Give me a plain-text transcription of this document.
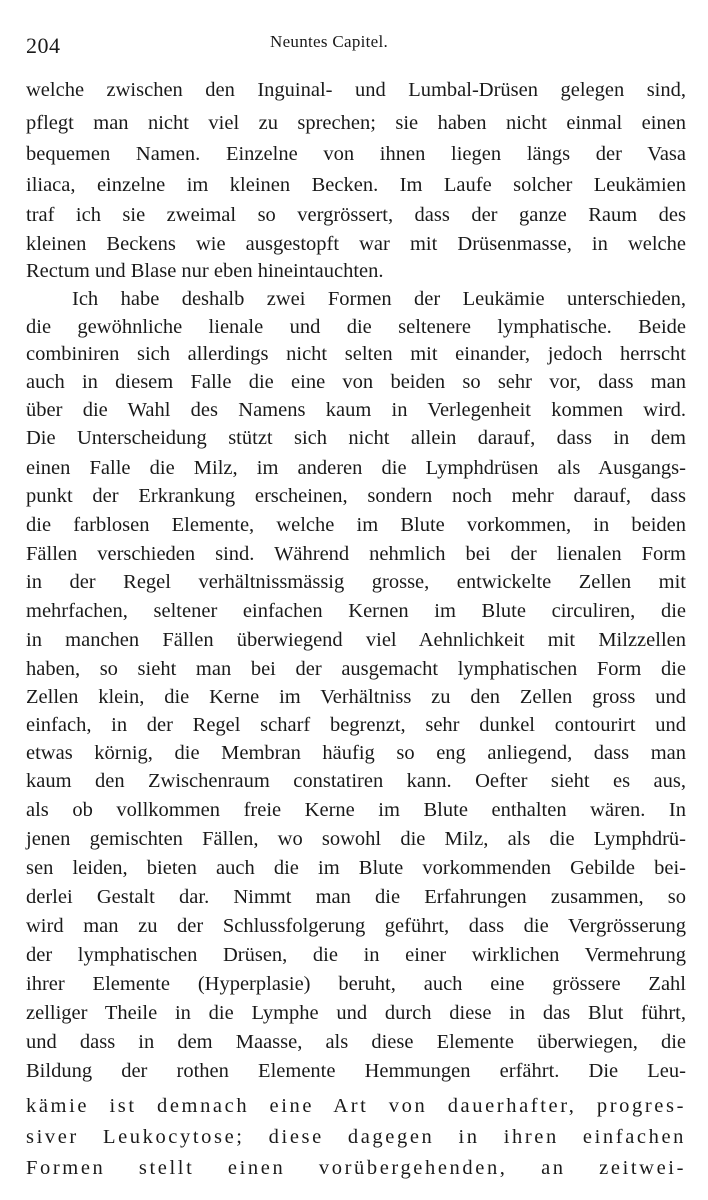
204	Neuntes Capitel.
welche zwischen den Inguinal- und Lumbal-Drüsen gelegen sind,
pflegt man nicht viel zu sprechen; sie haben nicht einmal einen
bequemen Namen. Einzelne von ihnen liegen längs der Vasa
iliaca, einzelne im kleinen Becken. Im Laufe solcher Leukämien
traf ich sie zweimal so vergrössert, dass der ganze Raum des
kleinen Beckens wie ausgestopft war mit Drüsenmasse, in welche
Rectum und Blase nur eben hineintauchten.
Ich habe deshalb zwei Formen der Leukämie unterschieden,
die gewöhnliche lienale und die seltenere lymphatische. Beide
combiniren sich allerdings nicht selten mit einander, jedoch herrscht
auch in diesem Falle die eine von beiden so sehr vor, dass man
über die Wahl des Namens kaum in Verlegenheit kommen wird.
Die Unterscheidung stützt sich nicht allein darauf, dass in dem
einen Falle die Milz, im anderen die Lymphdrüsen als Ausgangs-
punkt der Erkrankung erscheinen, sondern noch mehr darauf, dass
die farblosen Elemente, welche im Blute vorkommen, in beiden
Fällen verschieden sind. Während nehmlich bei der lienalen Form
in der Regel verhältnissmässig grosse, entwickelte Zellen mit
mehrfachen, seltener einfachen Kernen im Blute circuliren, die
in manchen Fällen überwiegend viel Aehnlichkeit mit Milzzellen
haben, so sieht man bei der ausgemacht lymphatischen Form die
Zellen klein, die Kerne im Verhältniss zu den Zellen gross und
einfach, in der Regel scharf begrenzt, sehr dunkel contourirt und
etwas körnig, die Membran häufig so eng anliegend, dass man
kaum den Zwischenraum constatiren kann. Oefter sieht es aus,
als ob vollkommen freie Kerne im Blute enthalten wären. In
jenen gemischten Fällen, wo sowohl die Milz, als die Lymphdrü-
sen leiden, bieten auch die im Blute vorkommenden Gebilde bei-
derlei Gestalt dar. Nimmt man die Erfahrungen zusammen, so
wird man zu der Schlussfolgerung geführt, dass die Vergrösserung
der lymphatischen Drüsen, die in einer wirklichen Vermehrung
ihrer Elemente (Hyperplasie) beruht, auch eine grössere Zahl
zelliger Theile in die Lymphe und durch diese in das Blut führt,
und dass in dem Maasse, als diese Elemente überwiegen, die
Bildung der rothen Elemente Hemmungen erfährt. Die Leu-
kämie ist demnach eine Art von dauerhafter, progres-
siver Leukocytose; diese dagegen in ihren einfachen
Formen stellt einen vorübergehenden, an zeitwei-
